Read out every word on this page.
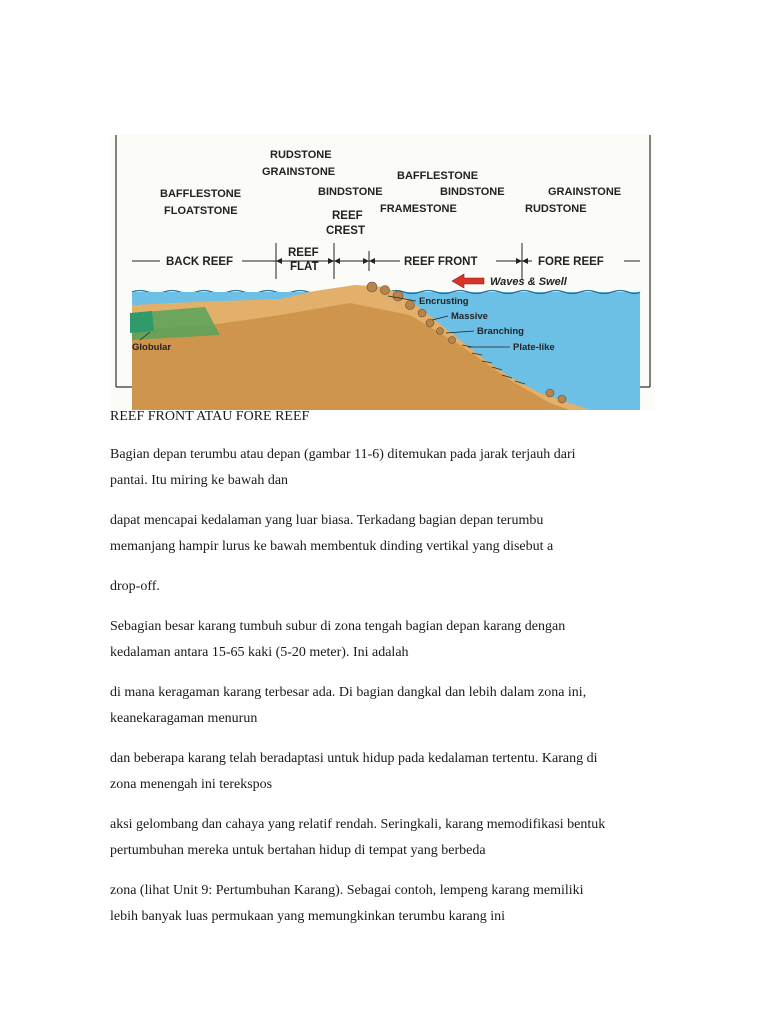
RUDSTONE
GRAINSTONE
BAFFLESTONE
FLOATSTONE
BINDSTONE
BAFFLESTONE
BINDSTONE
FRAMESTONE
GRAINSTONE
RUDSTONE
BACK REEF
REEF
FLAT
REEF
CREST
REEF FRONT	FORE REEF
Waves & Swell
Encrusting
Massive
Branching
Plate-like
Globular
REEF FRONT ATAU FORE REEF

Bagian depan terumbu atau depan (gambar 11-6) ditemukan pada jarak terjauh dari

pantai. Itu miring ke bawah dan

dapat mencapai kedalaman yang luar biasa. Terkadang bagian depan terumbu

memanjang hampir lurus ke bawah membentuk dinding vertikal yang disebut a

drop-off.

Sebagian besar karang tumbuh subur di zona tengah bagian depan karang dengan

kedalaman antara 15-65 kaki (5-20 meter). Ini adalah

di mana keragaman karang terbesar ada. Di bagian dangkal dan lebih dalam zona ini,

keanekaragaman menurun

dan beberapa karang telah beradaptasi untuk hidup pada kedalaman tertentu. Karang di

zona menengah ini terekspos

aksi gelombang dan cahaya yang relatif rendah. Seringkali, karang memodifikasi bentuk

pertumbuhan mereka untuk bertahan hidup di tempat yang berbeda

zona (lihat Unit 9: Pertumbuhan Karang). Sebagai contoh, lempeng karang memiliki

lebih banyak luas permukaan yang memungkinkan terumbu karang ini
